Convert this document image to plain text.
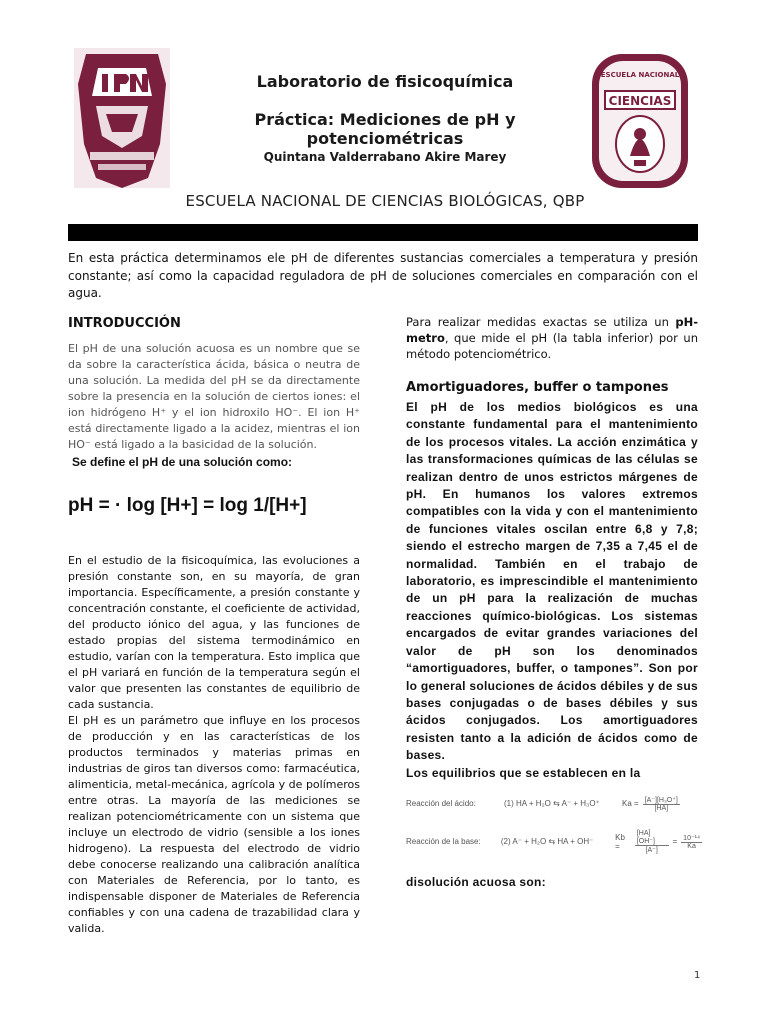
CIENCIAS
ESCUELA NACIONAL
Laboratorio de fisicoquímica
Práctica: Mediciones de pH y potenciométricas
Quintana Valderrabano Akire Marey
ESCUELA NACIONAL DE CIENCIAS BIOLÓGICAS, QBP
En esta práctica determinamos ele pH de diferentes sustancias comerciales a temperatura y presión constante; así como la capacidad reguladora de pH de soluciones comerciales en comparación con el agua.
INTRODUCCIÓN

El pH de una solución acuosa es un nombre que se da sobre la característica ácida, básica o neutra de una solución. La medida del pH se da directamente sobre la presencia en la solución de ciertos iones: el ion hidrógeno H⁺ y el ion hidroxilo HO⁻. El ion H⁺ está directamente ligado a la acidez, mientras el ion HO⁻ está ligado a la basicidad de la solución.

Se define el pH de una solución como:
pH = · log [H+] = log 1/[H+]

En el estudio de la fisicoquímica, las evoluciones a presión constante son, en su mayoría, de gran importancia. Específicamente, a presión constante y concentración constante, el coeficiente de actividad, del producto iónico del agua, y las funciones de estado propias del sistema termodinámico en estudio, varían con la temperatura. Esto implica que el pH variará en función de la temperatura según el valor que presenten las constantes de equilibrio de cada sustancia.

El pH es un parámetro que influye en los procesos de producción y en las características de los productos terminados y materias primas en industrias de giros tan diversos como: farmacéutica, alimenticia, metal-mecánica, agrícola y de polímeros entre otras. La mayoría de las mediciones se realizan potenciométricamente con un sistema que incluye un electrodo de vidrio (sensible a los iones hidrogeno). La respuesta del electrodo de vidrio debe conocerse realizando una calibración analítica con Materiales de Referencia, por lo tanto, es indispensable disponer de Materiales de Referencia confiables y con una cadena de trazabilidad clara y valida.

Para realizar medidas exactas se utiliza un pH-metro, que mide el pH (la tabla inferior) por un método potenciométrico.

Amortiguadores, buffer o tampones

El pH de los medios biológicos es una constante fundamental para el mantenimiento de los procesos vitales. La acción enzimática y las transformaciones químicas de las células se realizan dentro de unos estrictos márgenes de pH. En humanos los valores extremos compatibles con la vida y con el mantenimiento de funciones vitales oscilan entre 6,8 y 7,8; siendo el estrecho margen de 7,35 a 7,45 el de normalidad. También en el trabajo de laboratorio, es imprescindible el mantenimiento de un pH para la realización de muchas reacciones químico-biológicas. Los sistemas encargados de evitar grandes variaciones del valor de pH son los denominados “amortiguadores, buffer, o tampones”. Son por lo general soluciones de ácidos débiles y de sus bases conjugadas o de bases débiles y sus ácidos conjugados. Los amortiguadores resisten tanto a la adición de ácidos como de bases.

Los equilibrios que se establecen en la

Reacción del ácido:	(1) HA + H₂O ⇆ A⁻ + H₃O⁺	$Ka = \frac{\text{[A⁻][H₃O⁺]}}{[HA]}$
Reacción de la base:	(2) A⁻ + H₂O ⇆ HA + OH⁻	Kb =	$\frac{[HA][OH^-]}{[A^-]} = \frac{\text{10⁻¹⁴}}{Ka}$

disolución acuosa son:

1
